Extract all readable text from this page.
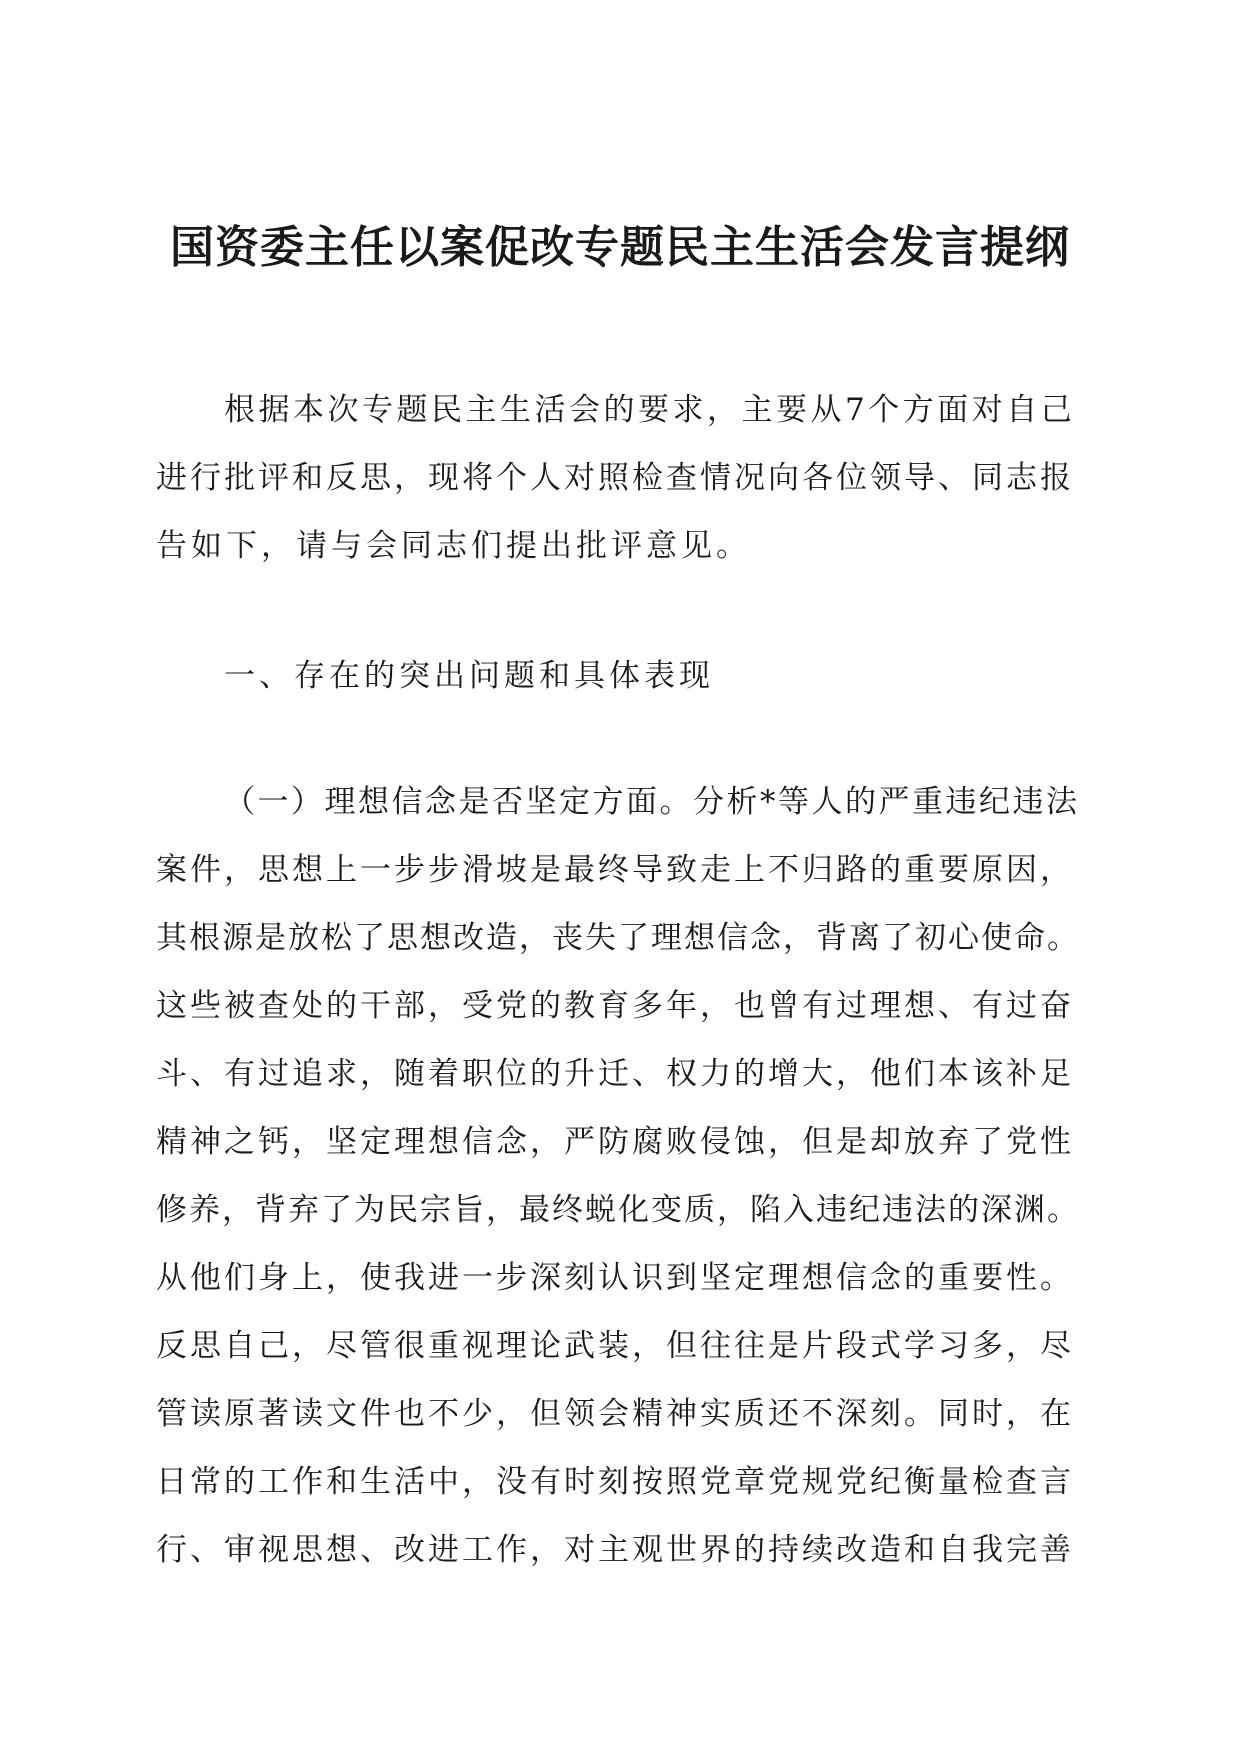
国资委主任以案促改专题民主生活会发言提纲
根据本次专题民主生活会的要求，主要从7个方面对自己
进行批评和反思，现将个人对照检查情况向各位领导、同志报
告如下，请与会同志们提出批评意见。
一、存在的突出问题和具体表现
（一）理想信念是否坚定方面。分析*等人的严重违纪违法
案件，思想上一步步滑坡是最终导致走上不归路的重要原因，
其根源是放松了思想改造，丧失了理想信念，背离了初心使命。
这些被查处的干部，受党的教育多年，也曾有过理想、有过奋
斗、有过追求，随着职位的升迁、权力的增大，他们本该补足
精神之钙，坚定理想信念，严防腐败侵蚀，但是却放弃了党性
修养，背弃了为民宗旨，最终蜕化变质，陷入违纪违法的深渊。
从他们身上，使我进一步深刻认识到坚定理想信念的重要性。
反思自己，尽管很重视理论武装，但往往是片段式学习多，尽
管读原著读文件也不少，但领会精神实质还不深刻。同时，在
日常的工作和生活中，没有时刻按照党章党规党纪衡量检查言
行、审视思想、改进工作，对主观世界的持续改造和自我完善
